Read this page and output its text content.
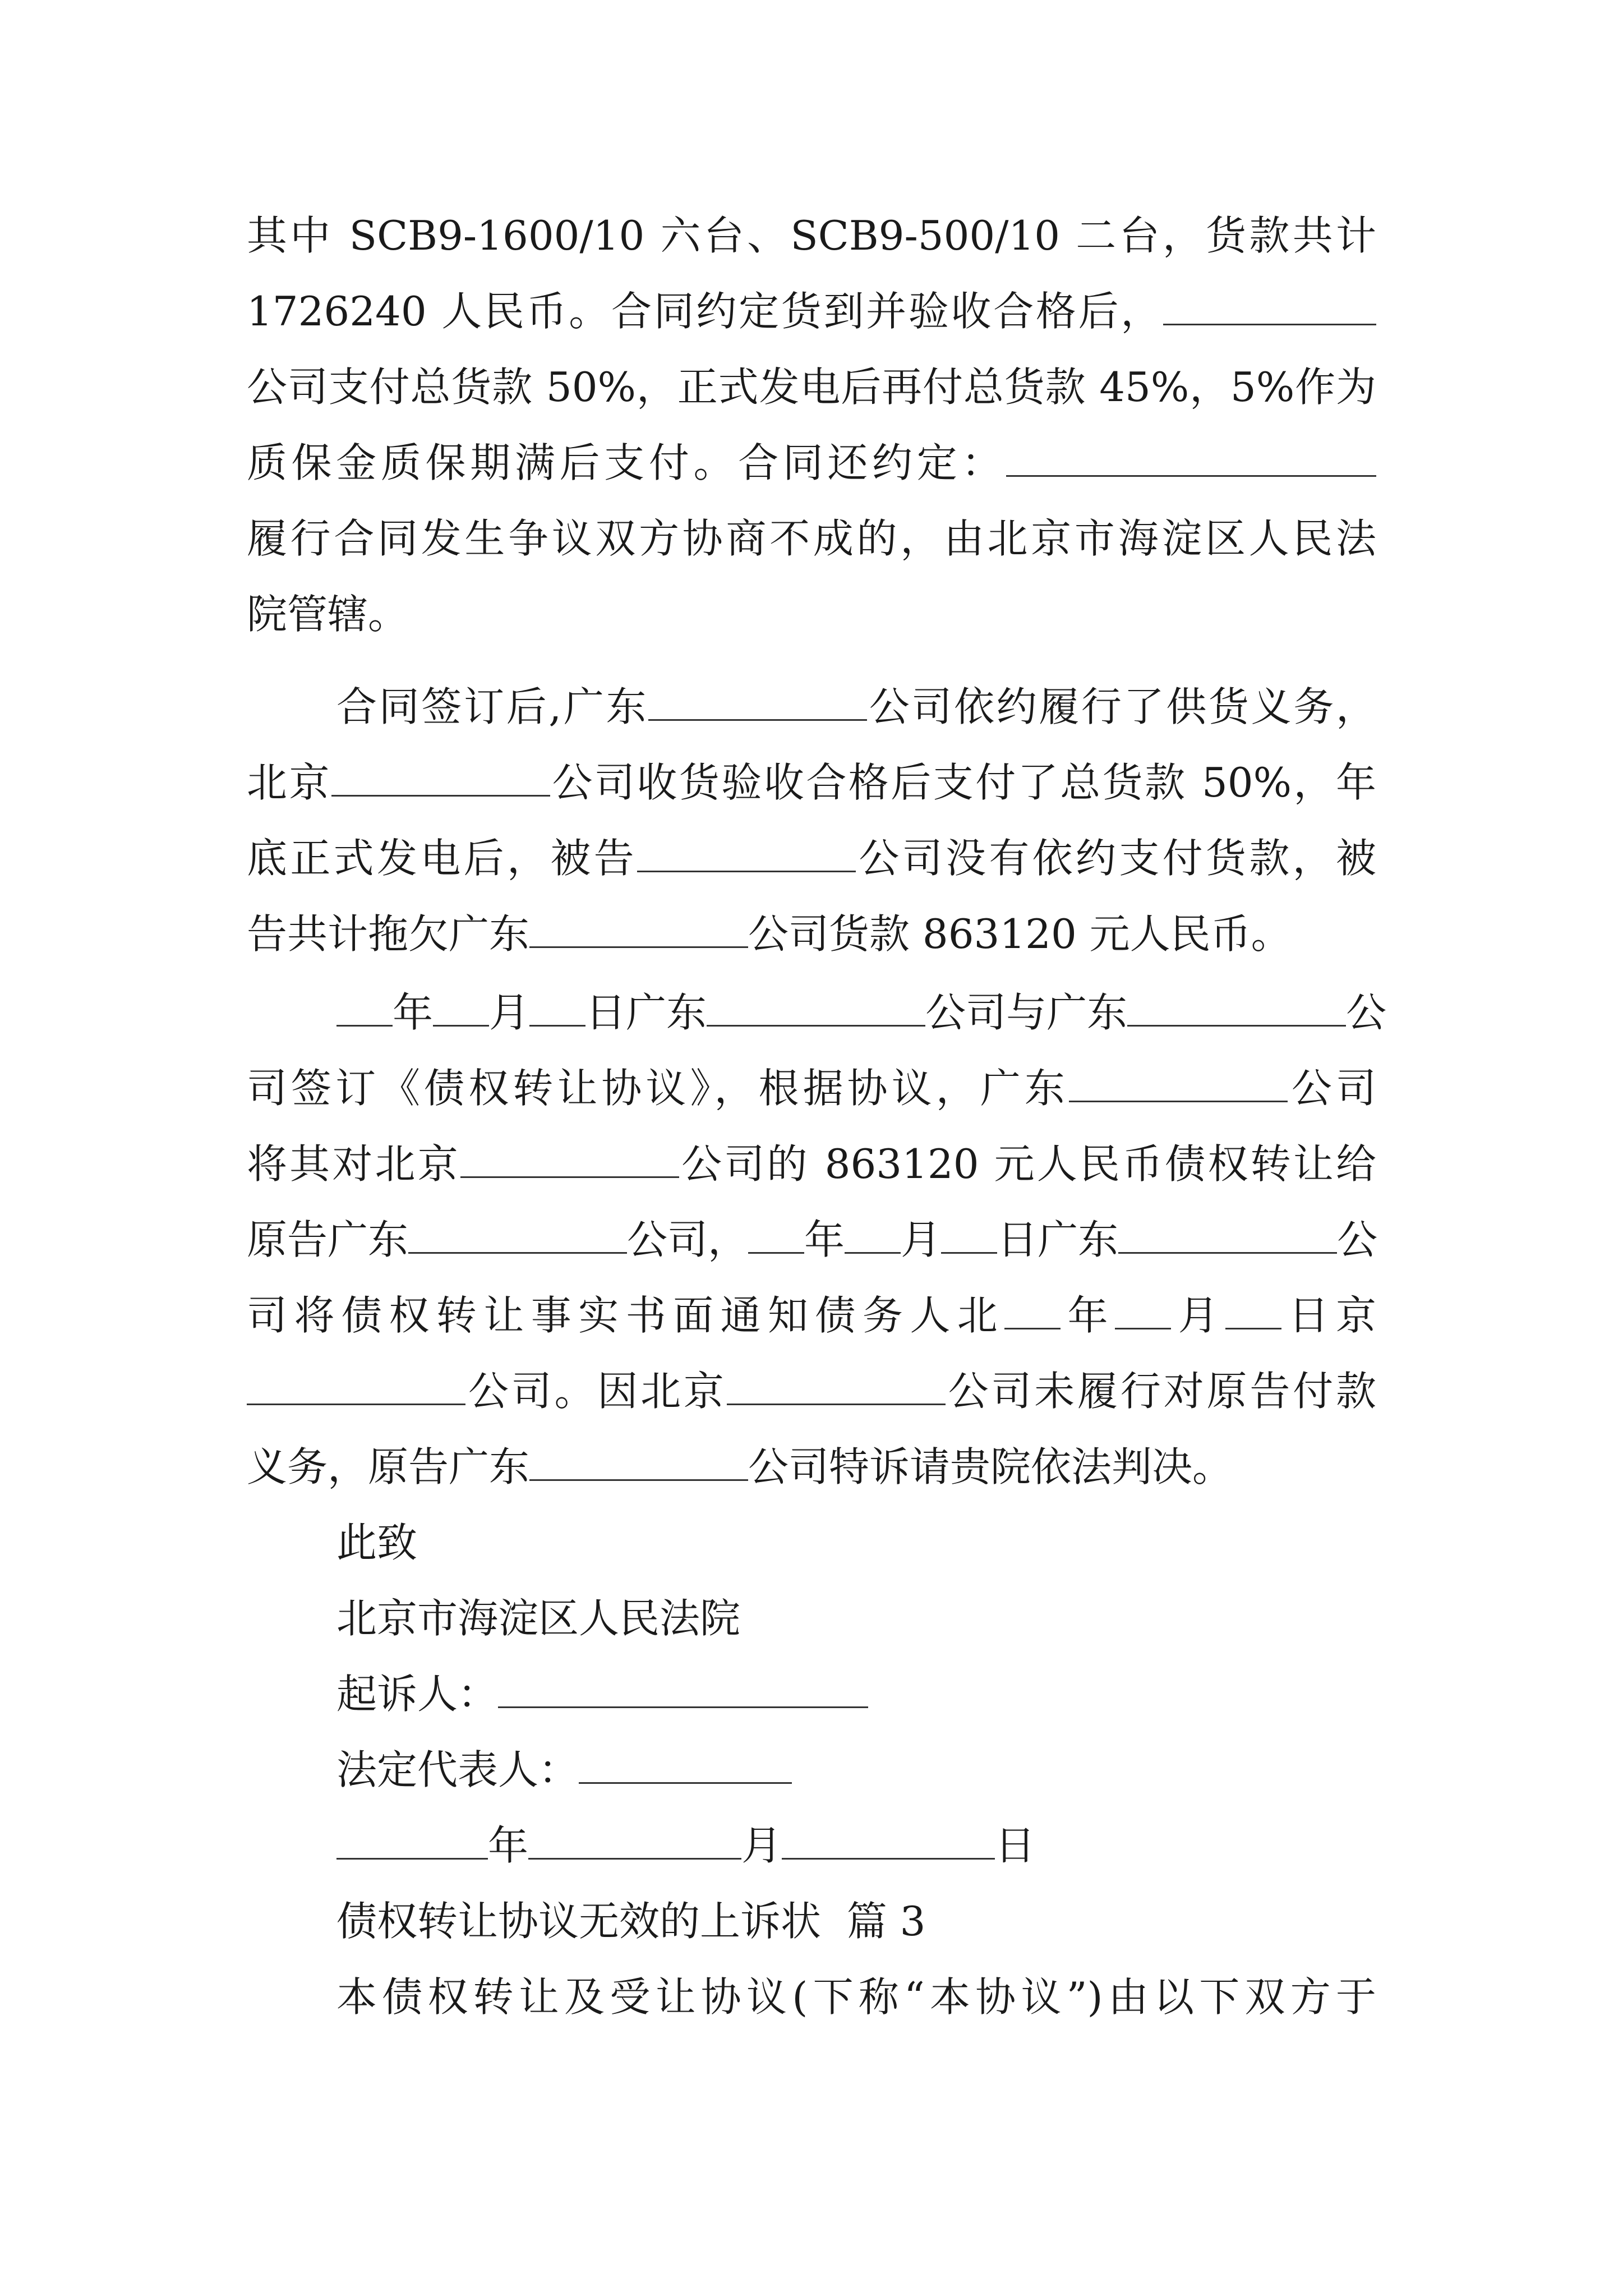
其中 SCB9-1600/10 六台、SCB9-500/10 二台，货款共计
1726240 人民币。合同约定货到并验收合格后，
公司支付总货款 50%，正式发电后再付总货款 45%，5%作为
质保金质保期满后支付。合同还约定：
履行合同发生争议双方协商不成的，由北京市海淀区人民法
院管辖。
合同签订后,广东	公司依约履行了供货义务，
北京	公司收货验收合格后支付了总货款 50%，年
底正式发电后，被告	公司没有依约支付货款，被
告共计拖欠广东	公司货款 863120 元人民币。
年 月 日广东	公司与广东	公
司签订《债权转让协议》，根据协议，广东	公司
将其对北京	公司的 863120 元人民币债权转让给
原告广东	公司， 年 月 日广东	公
司将债权转让事实书面通知债务人北 年 月 日京
公司。因北京	公司未履行对原告付款
义务，原告广东	公司特诉请贵院依法判决。
此致
北京市海淀区人民法院
起诉人：
法定代表人：
年	月	日
债权转让协议无效的上诉状  篇 3
本债权转让及受让协议(下称“本协议”)由以下双方于
